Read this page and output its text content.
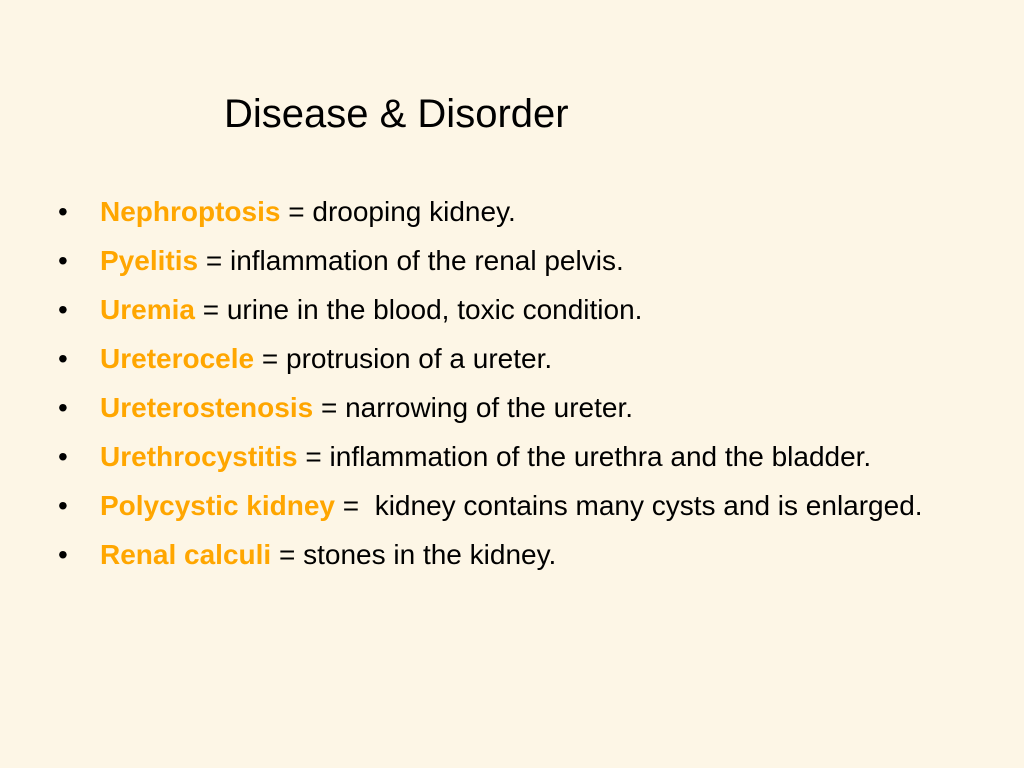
Disease & Disorder
• Nephroptosis = drooping kidney.
• Pyelitis = inflammation of the renal pelvis.
• Uremia = urine in the blood, toxic condition.
• Ureterocele = protrusion of a ureter.
• Ureterostenosis = narrowing of the ureter.
• Urethrocystitis = inflammation of the urethra and the bladder.
• Polycystic kidney =  kidney contains many cysts and is enlarged.
• Renal calculi = stones in the kidney.
